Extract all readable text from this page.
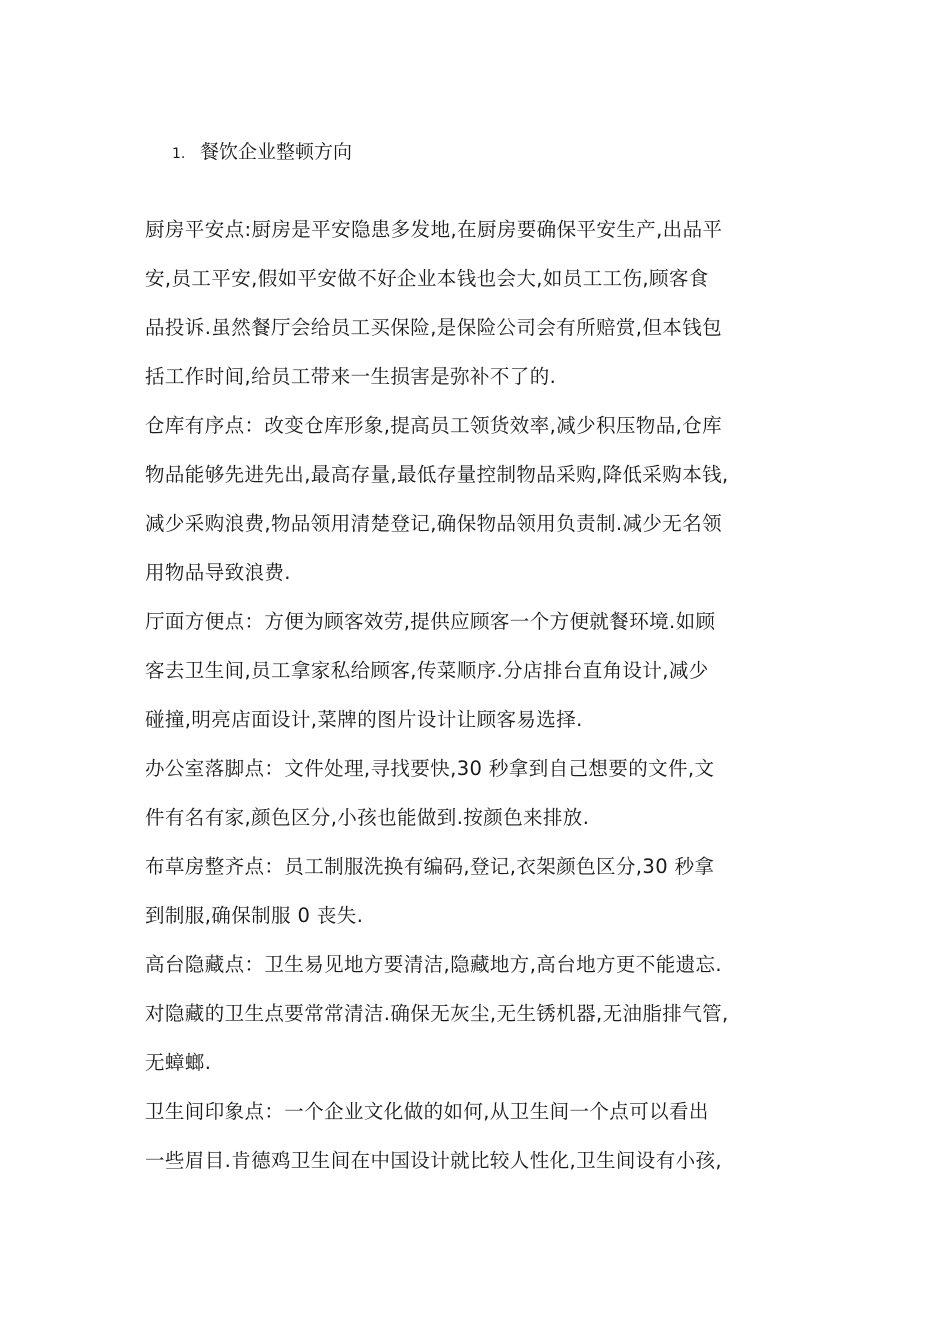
1. 餐饮企业整顿方向
厨房平安点:厨房是平安隐患多发地,在厨房要确保平安生产,出品平
安,员工平安,假如平安做不好企业本钱也会大,如员工工伤,顾客食
品投诉.虽然餐厅会给员工买保险,是保险公司会有所赔赏,但本钱包
括工作时间,给员工带来一生损害是弥补不了的.
仓库有序点：改变仓库形象,提高员工领货效率,减少积压物品,仓库
物品能够先进先出,最高存量,最低存量控制物品采购,降低采购本钱,
减少采购浪费,物品领用清楚登记,确保物品领用负责制.减少无名领
用物品导致浪费.
厅面方便点：方便为顾客效劳,提供应顾客一个方便就餐环境.如顾
客去卫生间,员工拿家私给顾客,传菜顺序.分店排台直角设计,减少
碰撞,明亮店面设计,菜牌的图片设计让顾客易选择.
办公室落脚点：文件处理,寻找要快,30 秒拿到自己想要的文件,文
件有名有家,颜色区分,小孩也能做到.按颜色来排放.
布草房整齐点：员工制服洗换有编码,登记,衣架颜色区分,30 秒拿
到制服,确保制服 0 丧失.
高台隐藏点：卫生易见地方要清洁,隐藏地方,高台地方更不能遗忘.
对隐藏的卫生点要常常清洁.确保无灰尘,无生锈机器,无油脂排气管,
无蟑螂.
卫生间印象点：一个企业文化做的如何,从卫生间一个点可以看出
一些眉目.肯德鸡卫生间在中国设计就比较人性化,卫生间设有小孩,
